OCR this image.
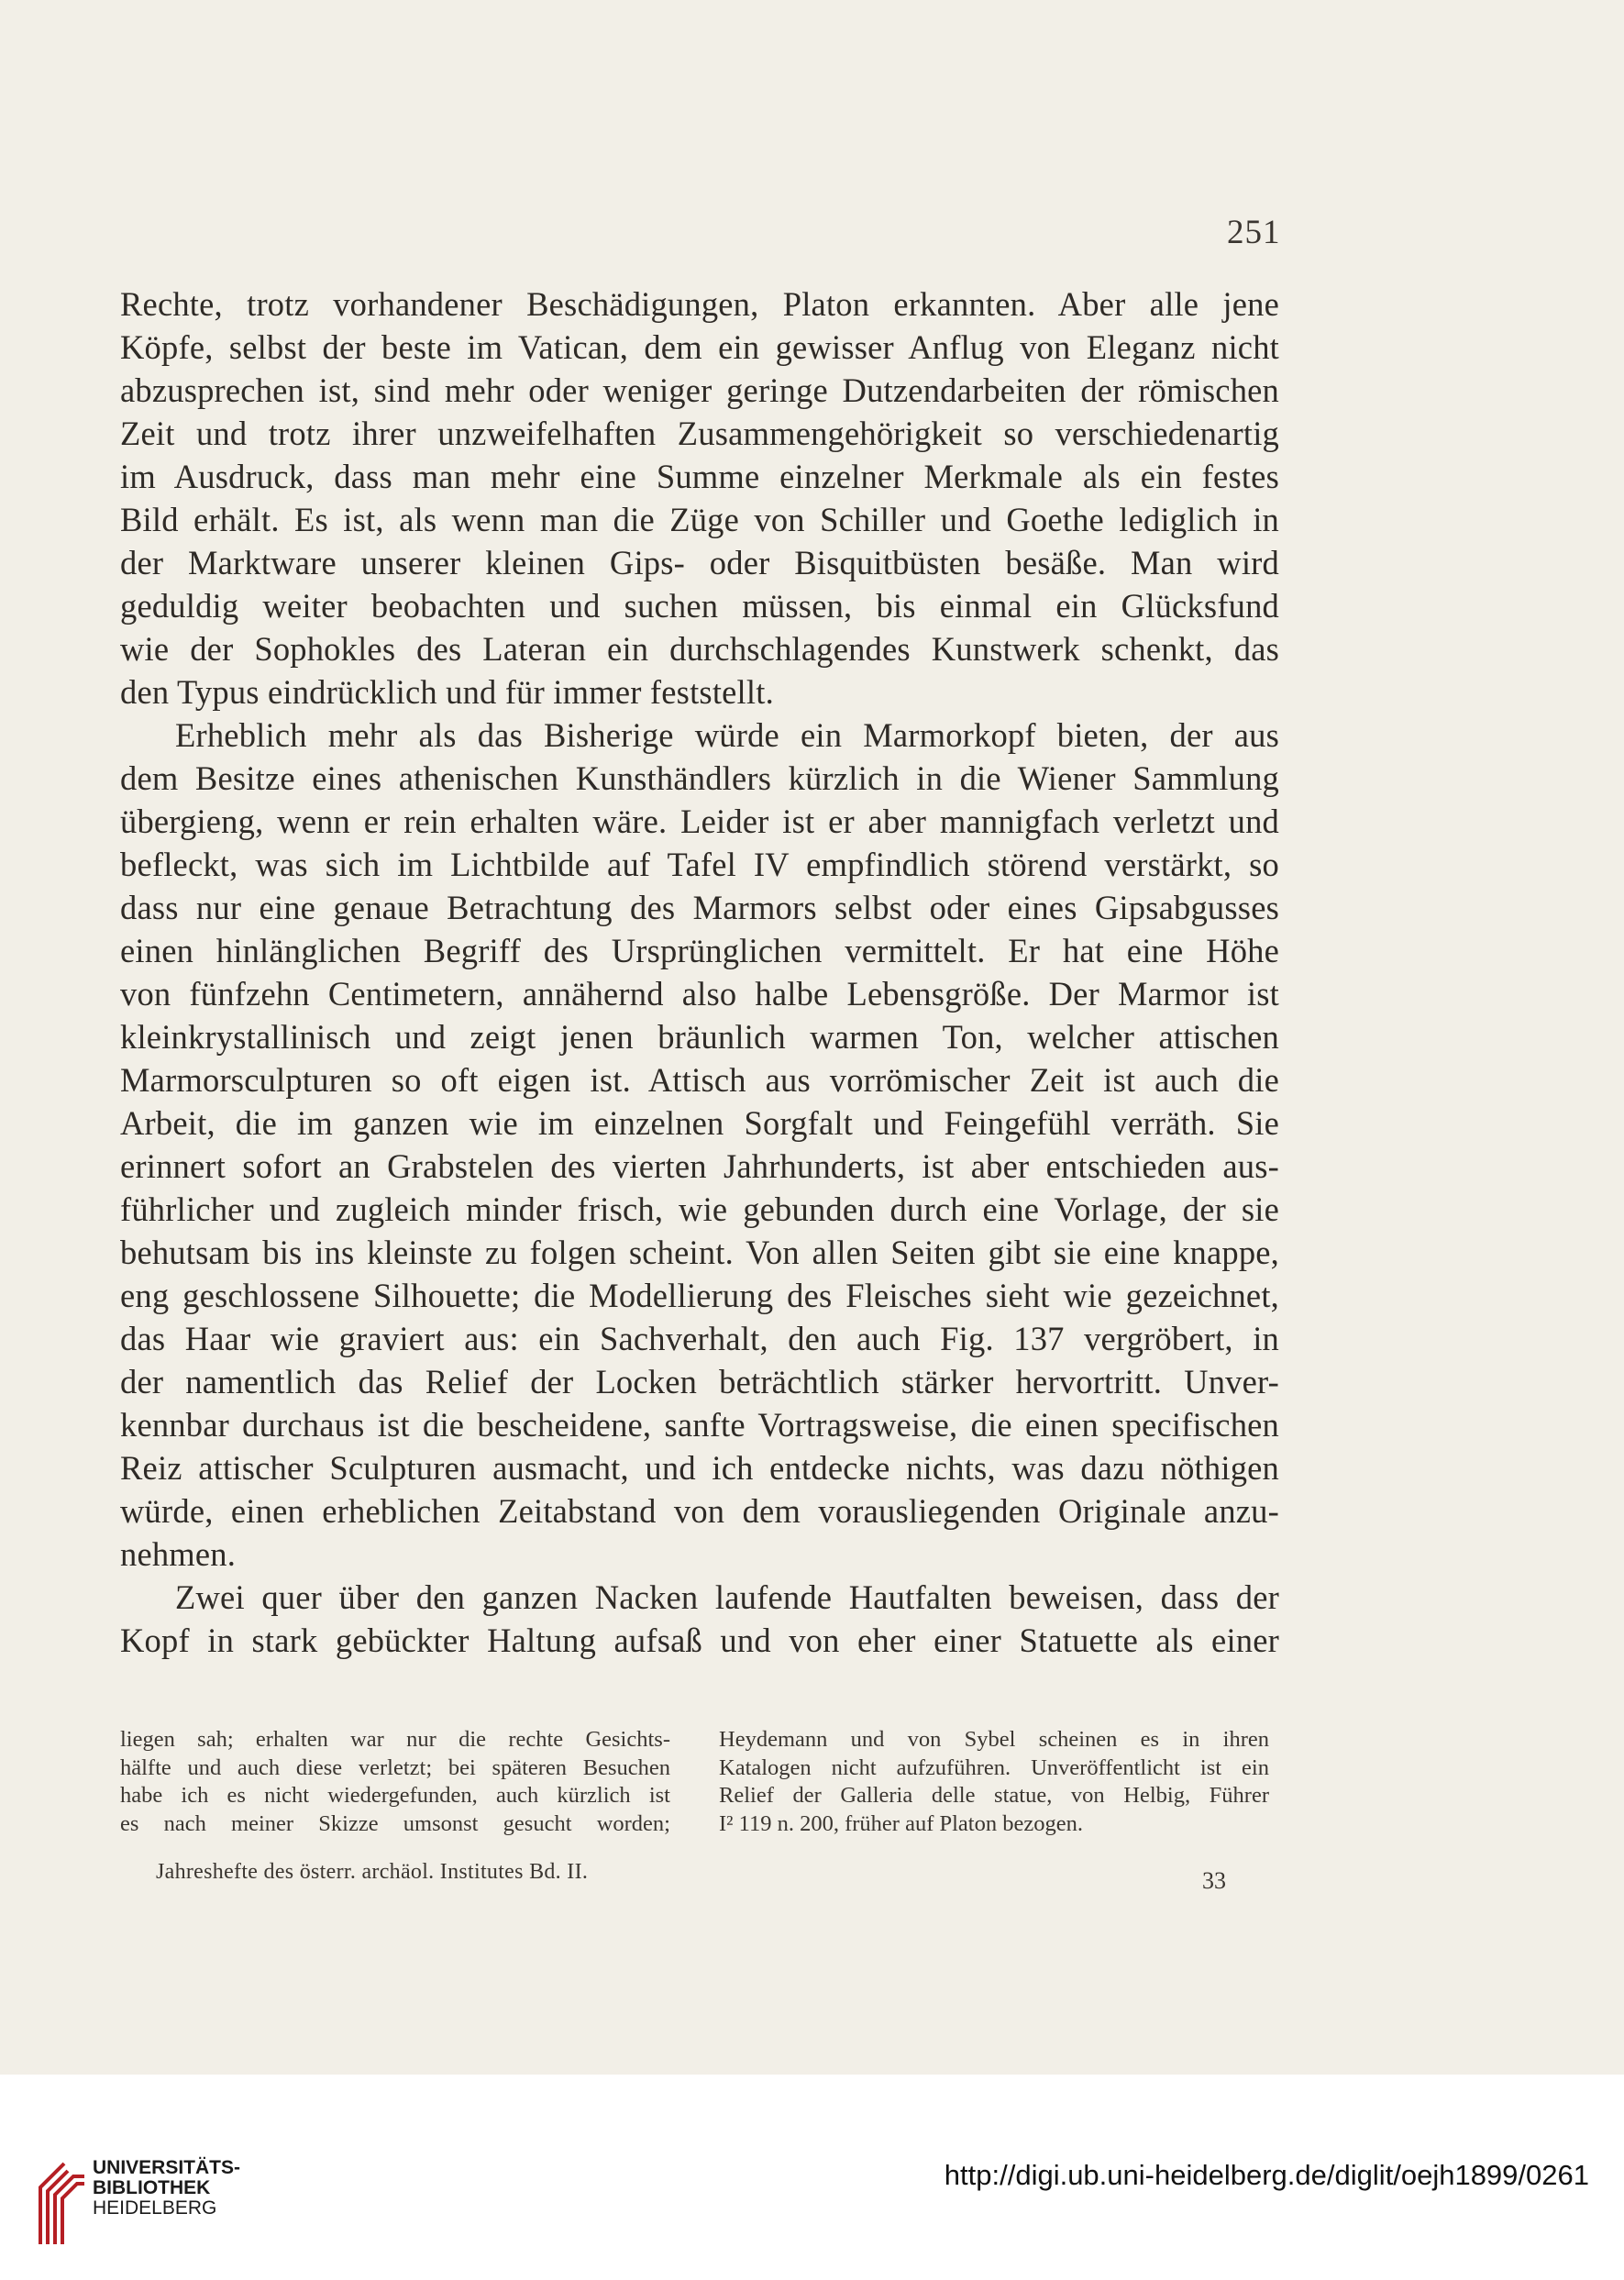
251
Rechte, trotz vorhandener Beschädigungen, Platon erkannten. Aber alle jene
Köpfe, selbst der beste im Vatican, dem ein gewisser Anflug von Eleganz nicht
abzusprechen ist, sind mehr oder weniger geringe Dutzendarbeiten der römischen
Zeit und trotz ihrer unzweifelhaften Zusammengehörigkeit so verschiedenartig
im Ausdruck, dass man mehr eine Summe einzelner Merkmale als ein festes
Bild erhält. Es ist, als wenn man die Züge von Schiller und Goethe lediglich in
der Marktware unserer kleinen Gips- oder Bisquitbüsten besäße. Man wird
geduldig weiter beobachten und suchen müssen, bis einmal ein Glücksfund
wie der Sophokles des Lateran ein durchschlagendes Kunstwerk schenkt, das
den Typus eindrücklich und für immer feststellt.
Erheblich mehr als das Bisherige würde ein Marmorkopf bieten, der aus
dem Besitze eines athenischen Kunsthändlers kürzlich in die Wiener Sammlung
übergieng, wenn er rein erhalten wäre. Leider ist er aber mannigfach verletzt und
befleckt, was sich im Lichtbilde auf Tafel IV empfindlich störend verstärkt, so
dass nur eine genaue Betrachtung des Marmors selbst oder eines Gipsabgusses
einen hinlänglichen Begriff des Ursprünglichen vermittelt. Er hat eine Höhe
von fünfzehn Centimetern, annähernd also halbe Lebensgröße. Der Marmor ist
kleinkrystallinisch und zeigt jenen bräunlich warmen Ton, welcher attischen
Marmorsculpturen so oft eigen ist. Attisch aus vorrömischer Zeit ist auch die
Arbeit, die im ganzen wie im einzelnen Sorgfalt und Feingefühl verräth. Sie
erinnert sofort an Grabstelen des vierten Jahrhunderts, ist aber entschieden aus-
führlicher und zugleich minder frisch, wie gebunden durch eine Vorlage, der sie
behutsam bis ins kleinste zu folgen scheint. Von allen Seiten gibt sie eine knappe,
eng geschlossene Silhouette; die Modellierung des Fleisches sieht wie gezeichnet,
das Haar wie graviert aus: ein Sachverhalt, den auch Fig. 137 vergröbert, in
der namentlich das Relief der Locken beträchtlich stärker hervortritt. Unver-
kennbar durchaus ist die bescheidene, sanfte Vortragsweise, die einen specifischen
Reiz attischer Sculpturen ausmacht, und ich entdecke nichts, was dazu nöthigen
würde, einen erheblichen Zeitabstand von dem vorausliegenden Originale anzu-
nehmen.
Zwei quer über den ganzen Nacken laufende Hautfalten beweisen, dass der
Kopf in stark gebückter Haltung aufsaß und von eher einer Statuette als einer
liegen sah; erhalten war nur die rechte Gesichts-
hälfte und auch diese verletzt; bei späteren Besuchen
habe ich es nicht wiedergefunden, auch kürzlich ist
es nach meiner Skizze umsonst gesucht worden;
Heydemann und von Sybel scheinen es in ihren
Katalogen nicht aufzuführen. Unveröffentlicht ist ein
Relief der Galleria delle statue, von Helbig, Führer
I² 119 n. 200, früher auf Platon bezogen.
Jahreshefte des österr. archäol. Institutes Bd. II.	33
UNIVERSITÄTS-
BIBLIOTHEK
HEIDELBERG
http://digi.ub.uni-heidelberg.de/diglit/oejh1899/0261
